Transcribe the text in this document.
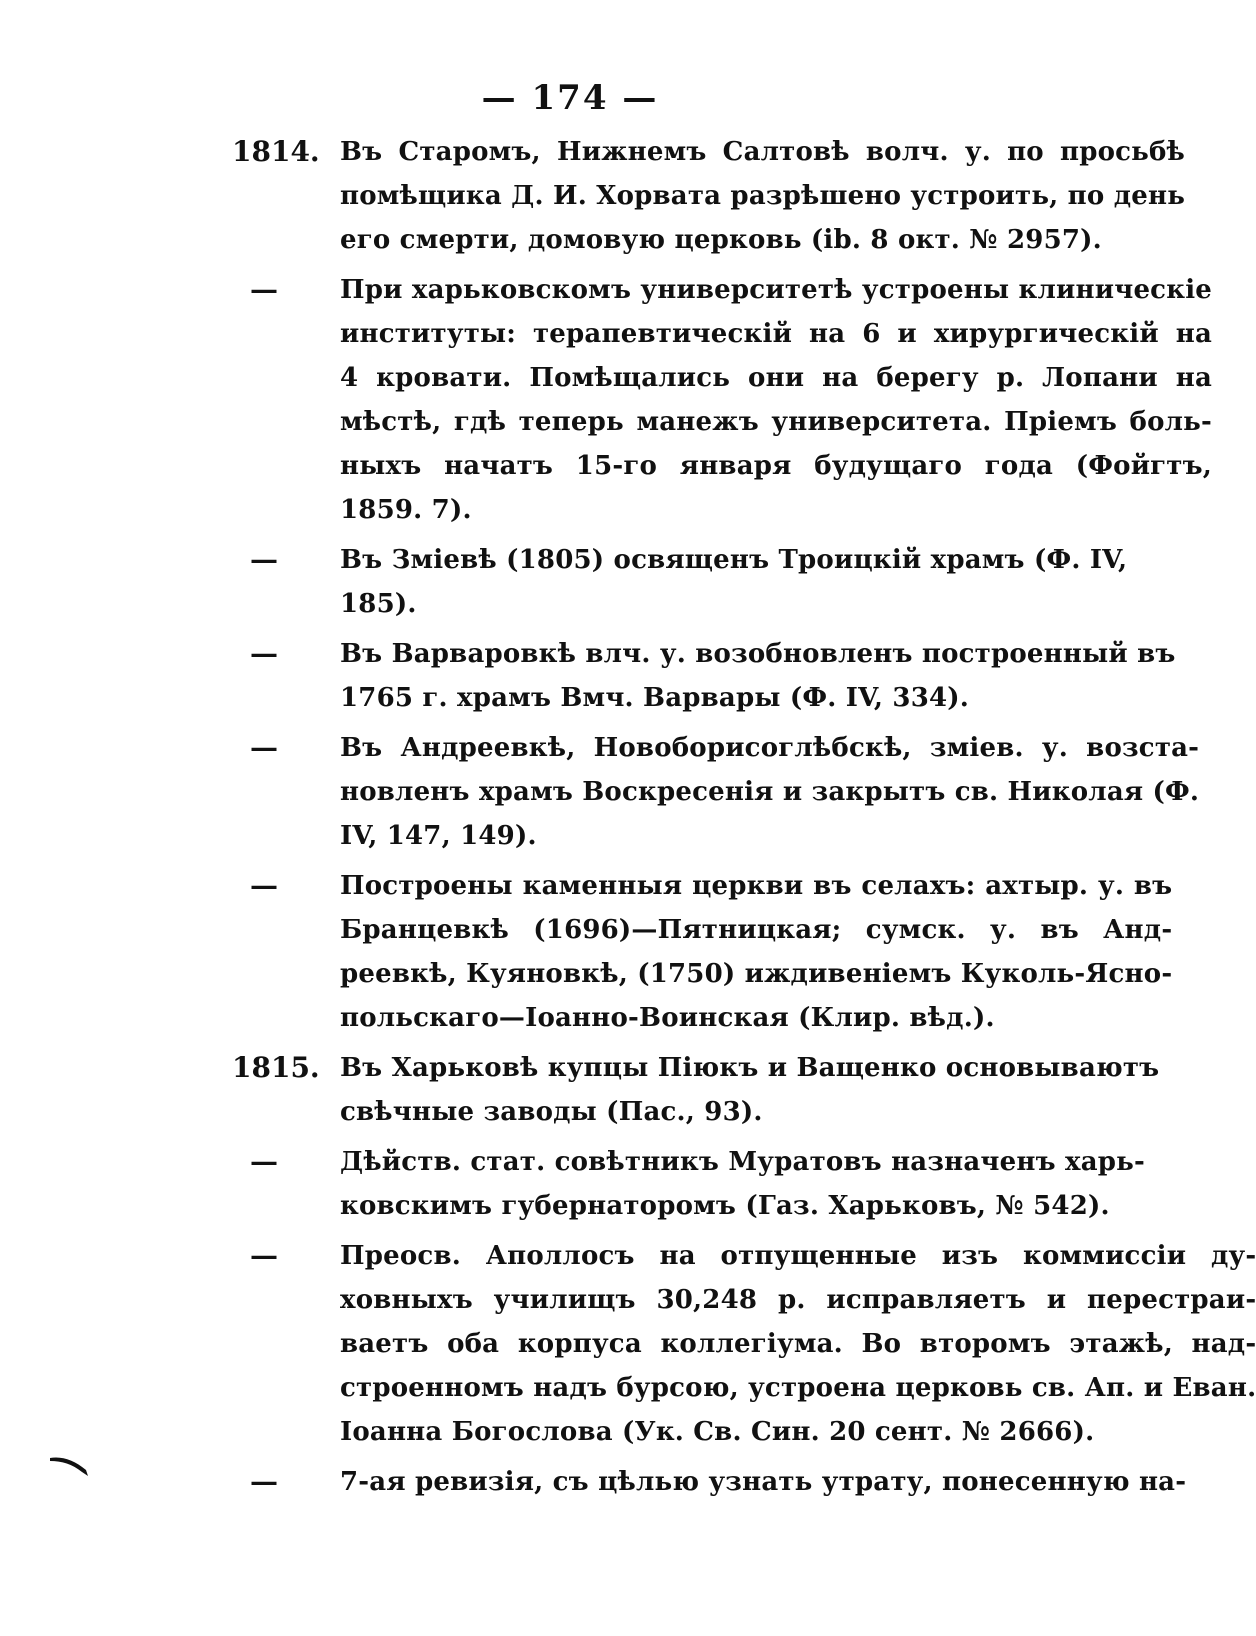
— 174 —
1814. Въ Старомъ, Нижнемъ Салтовѣ волч. у. по просьбѣ
помѣщика Д. И. Хорвата разрѣшено устроить, по день
его смерти, домовую церковь (ib. 8 окт. № 2957).
—	При харьковскомъ университетѣ устроены клиническіе
институты: терапевтическій на 6 и хирургическій на
4 кровати. Помѣщались они на берегу р. Лопани на
мѣстѣ, гдѣ теперь манежъ университета. Пріемъ боль-
ныхъ начатъ 15-го января будущаго года (Фойгтъ,
1859. 7).
—	Въ Зміевѣ (1805) освященъ Троицкій храмъ (Ф. IV,
185).
—	Въ Варваровкѣ влч. у. возобновленъ построенный въ
1765 г. храмъ Вмч. Варвары (Ф. IV, 334).
—	Въ Андреевкѣ, Новоборисоглѣбскѣ, зміев. у. возста-
новленъ храмъ Воскресенія и закрытъ св. Николая (Ф.
IV, 147, 149).
—	Построены каменныя церкви въ селахъ: ахтыр. у. въ
Бранцевкѣ (1696)—Пятницкая; сумск. у. въ Анд-
реевкѣ, Куяновкѣ, (1750) иждивеніемъ Куколь-Ясно-
польскаго—Іоанно-Воинская (Клир. вѣд.).
1815. Въ Харьковѣ купцы Піюкъ и Ващенко основываютъ
свѣчные заводы (Пас., 93).
—	Дѣйств. стат. совѣтникъ Муратовъ назначенъ харь-
ковскимъ губернаторомъ (Газ. Харьковъ, № 542).
—	Преосв. Аполлосъ на отпущенные изъ коммиссіи ду-
ховныхъ училищъ 30,248 р. исправляетъ и перестраи-
ваетъ оба корпуса коллегіума. Во второмъ этажѣ, над-
строенномъ надъ бурсою, устроена церковь св. Ап. и Еван.
Іоанна Богослова (Ук. Св. Син. 20 сент. № 2666).
—	7-ая ревизія, съ цѣлью узнать утрату, понесенную на-
